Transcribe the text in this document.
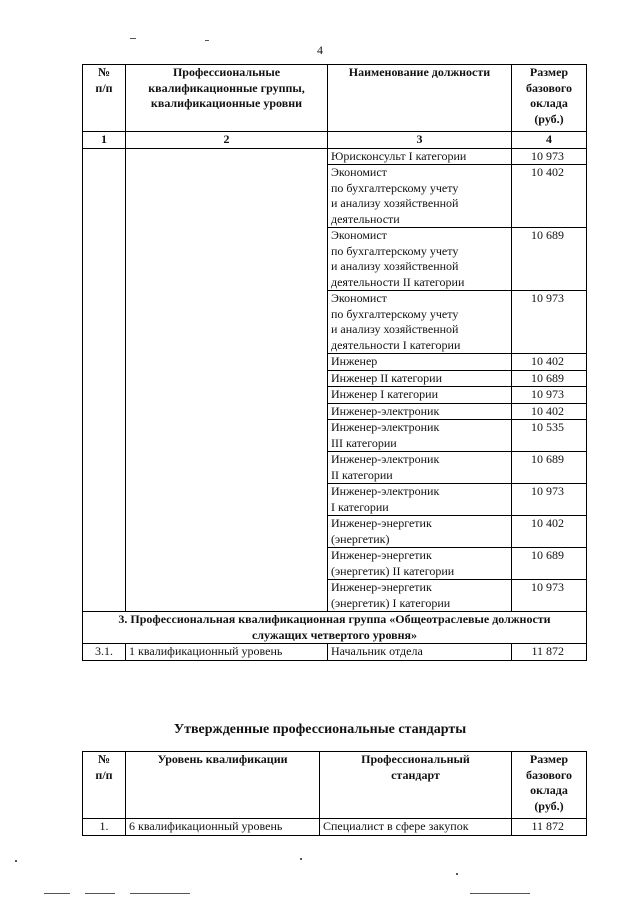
4
№ п/п	Профессиональные квалификационные группы, квалификационные уровни	Наименование должности	Размер базового оклада (руб.)

1	2	3	4
		Юрисконсульт I категории	10 973
		Экономист
по бухгалтерскому учету
и анализу хозяйственной
деятельности	10 402
		Экономист
по бухгалтерскому учету
и анализу хозяйственной
деятельности II категории	10 689
		Экономист
по бухгалтерскому учету
и анализу хозяйственной
деятельности I категории	10 973
		Инженер	10 402
		Инженер II категории	10 689
		Инженер I категории	10 973
		Инженер-электроник	10 402
		Инженер-электроник
III категории	10 535
		Инженер-электроник
II категории	10 689
		Инженер-электроник
I категории	10 973
		Инженер-энергетик
(энергетик)	10 402
		Инженер-энергетик
(энергетик) II категории	10 689
		Инженер-энергетик
(энергетик) I категории	10 973
3. Профессиональная квалификационная группа «Общеотраслевые должности служащих четвертого уровня»			
3.1.	1 квалификационный уровень	Начальник отдела	11 872
Утвержденные профессиональные стандарты
№ п/п	Уровень квалификации	Профессиональный стандарт	Размер базового оклада (руб.)

1.	6 квалификационный уровень	Специалист в сфере закупок	11 872
